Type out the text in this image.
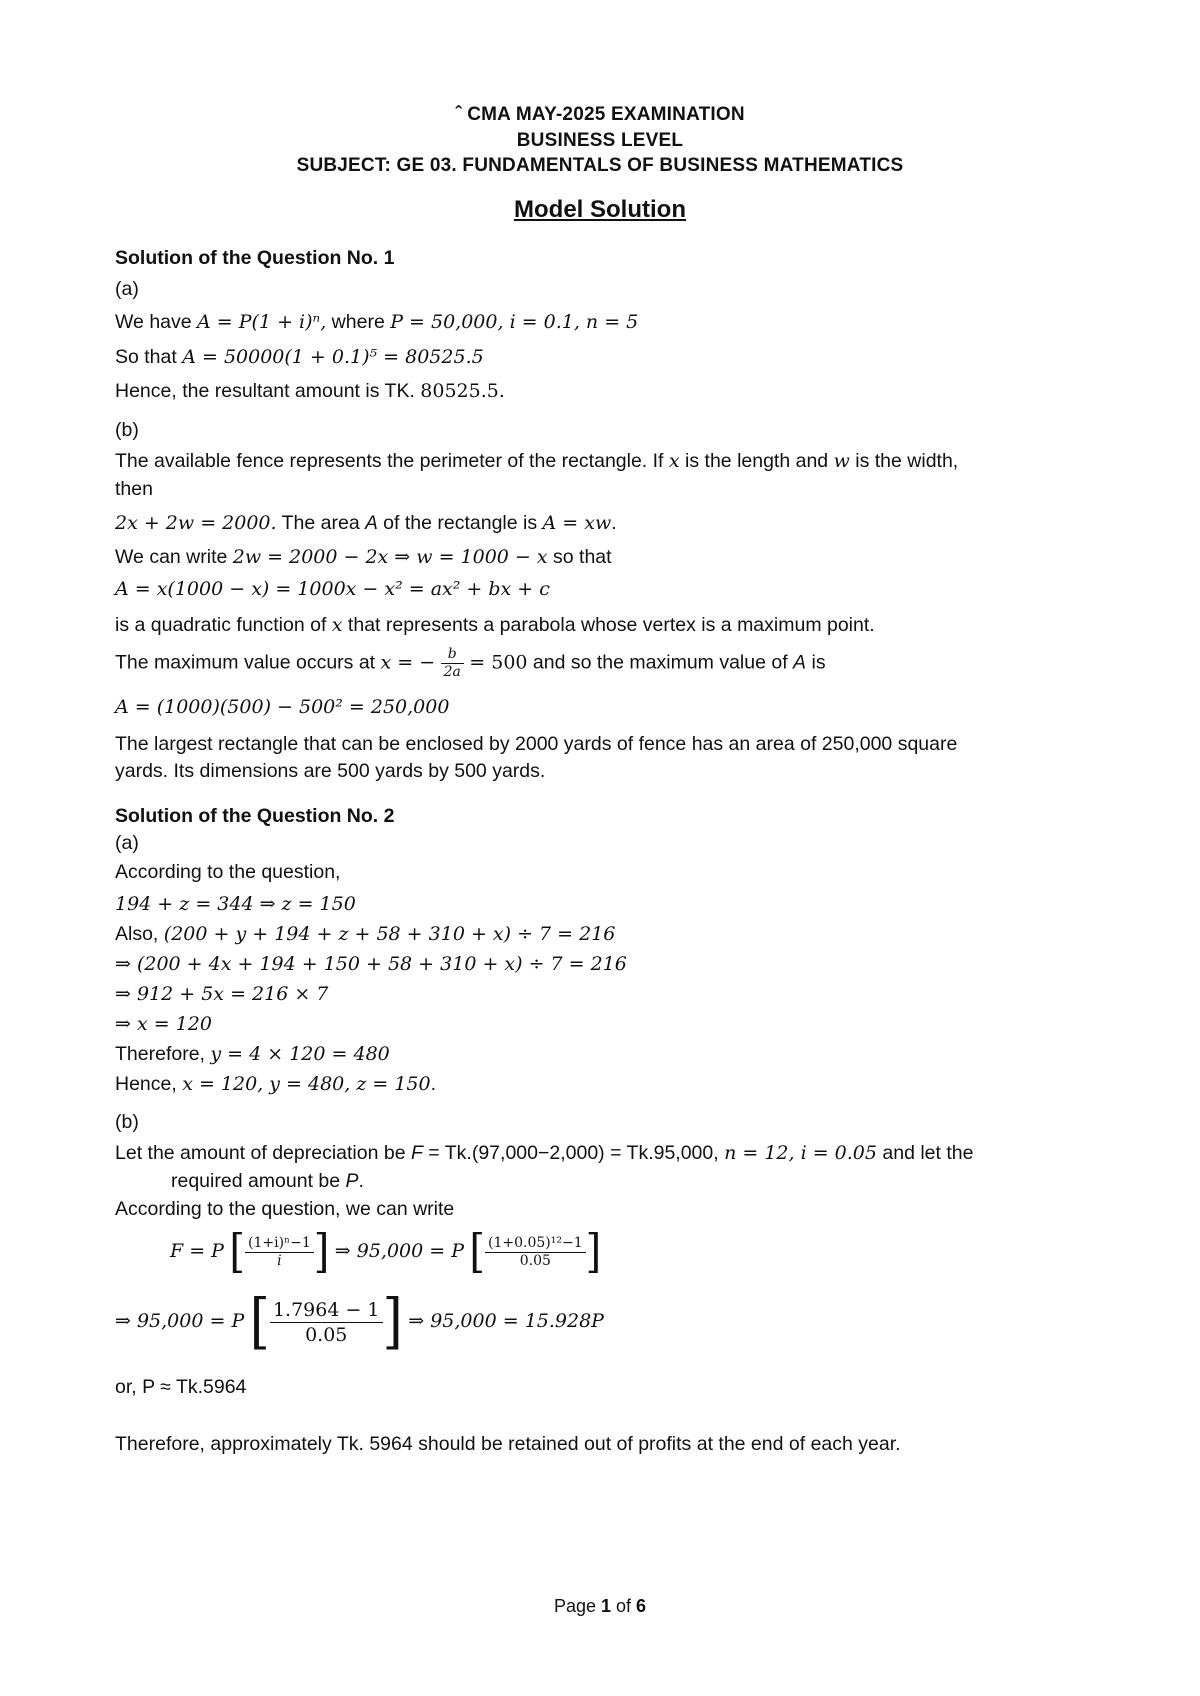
ˆ CMA MAY-2025 EXAMINATION
BUSINESS LEVEL
SUBJECT: GE 03. FUNDAMENTALS OF BUSINESS MATHEMATICS
Model Solution
Solution of the Question No. 1
(a)
We have A = P(1 + i)ⁿ, where P = 50,000, i = 0.1, n = 5
So that A = 50000(1 + 0.1)⁵ = 80525.5
Hence, the resultant amount is TK. 80525.5.
(b)
The available fence represents the perimeter of the rectangle. If x is the length and w is the width,
then
2x + 2w = 2000. The area A of the rectangle is A = xw.
We can write 2w = 2000 − 2x ⇒ w = 1000 − x so that
A = x(1000 − x) = 1000x − x² = ax² + bx + c
is a quadratic function of x that represents a parabola whose vertex is a maximum point.
The maximum value occurs at x = − $\frac{b}{2a} = 500$ and so the maximum value of A is
A = (1000)(500) − 500² = 250,000
The largest rectangle that can be enclosed by 2000 yards of fence has an area of 250,000 square
yards. Its dimensions are 500 yards by 500 yards.
Solution of the Question No. 2
(a)
According to the question,
194 + z = 344 ⇒ z = 150
Also, (200 + y + 194 + z + 58 + 310 + x) ÷ 7 = 216
⇒ (200 + 4x + 194 + 150 + 58 + 310 + x) ÷ 7 = 216
⇒ 912 + 5x = 216 × 7
⇒ x = 120
Therefore, y = 4 × 120 = 480
Hence, x = 120, y = 480, z = 150.
(b)
Let the amount of depreciation be F = Tk.(97,000−2,000) = Tk.95,000, n = 12, i = 0.05 and let the
required amount be P.
According to the question, we can write
F = P [ $\frac{\text{(1+i)ⁿ−1}}{i}$ ] ⇒ 95,000 = P [ $\frac{\text{(1+0.05)¹²−1}}{0.05}$ ]
⇒ 95,000 = P [ $\frac{1.7964 - 1}{0.05}$ ] ⇒ 95,000 = 15.928P
or, P ≈ Tk.5964
Therefore, approximately Tk. 5964 should be retained out of profits at the end of each year.
Page 1 of 6
